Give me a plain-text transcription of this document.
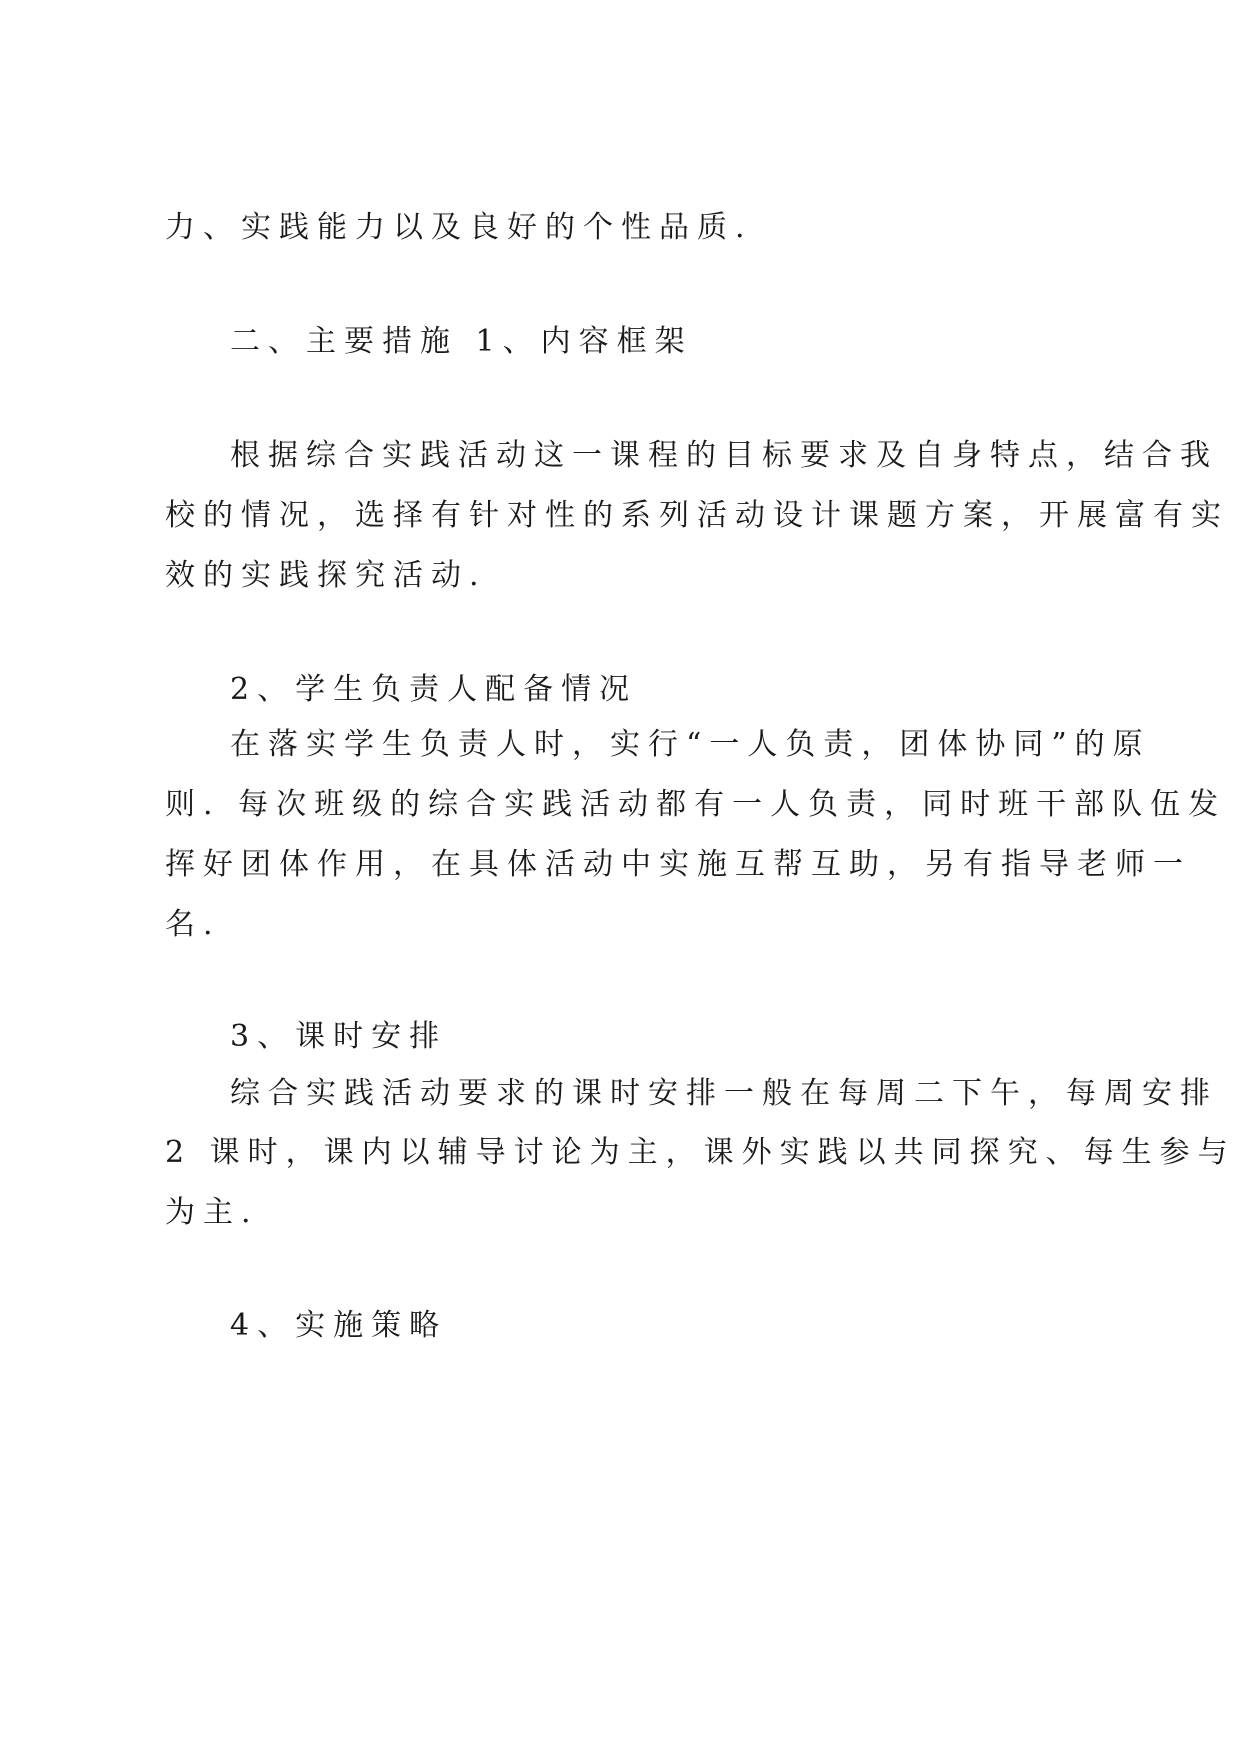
力、实践能力以及良好的个性品质.
二、主要措施 1、内容框架
根据综合实践活动这一课程的目标要求及自身特点，结合我
校的情况，选择有针对性的系列活动设计课题方案，开展富有实
效的实践探究活动.
2、学生负责人配备情况
在落实学生负责人时，实行“一人负责，团体协同”的原
则. 每次班级的综合实践活动都有一人负责，同时班干部队伍发
挥好团体作用，在具体活动中实施互帮互助，另有指导老师一
名.
3、课时安排
综合实践活动要求的课时安排一般在每周二下午，每周安排
2 课时，课内以辅导讨论为主，课外实践以共同探究、每生参与
为主.
4、实施策略
